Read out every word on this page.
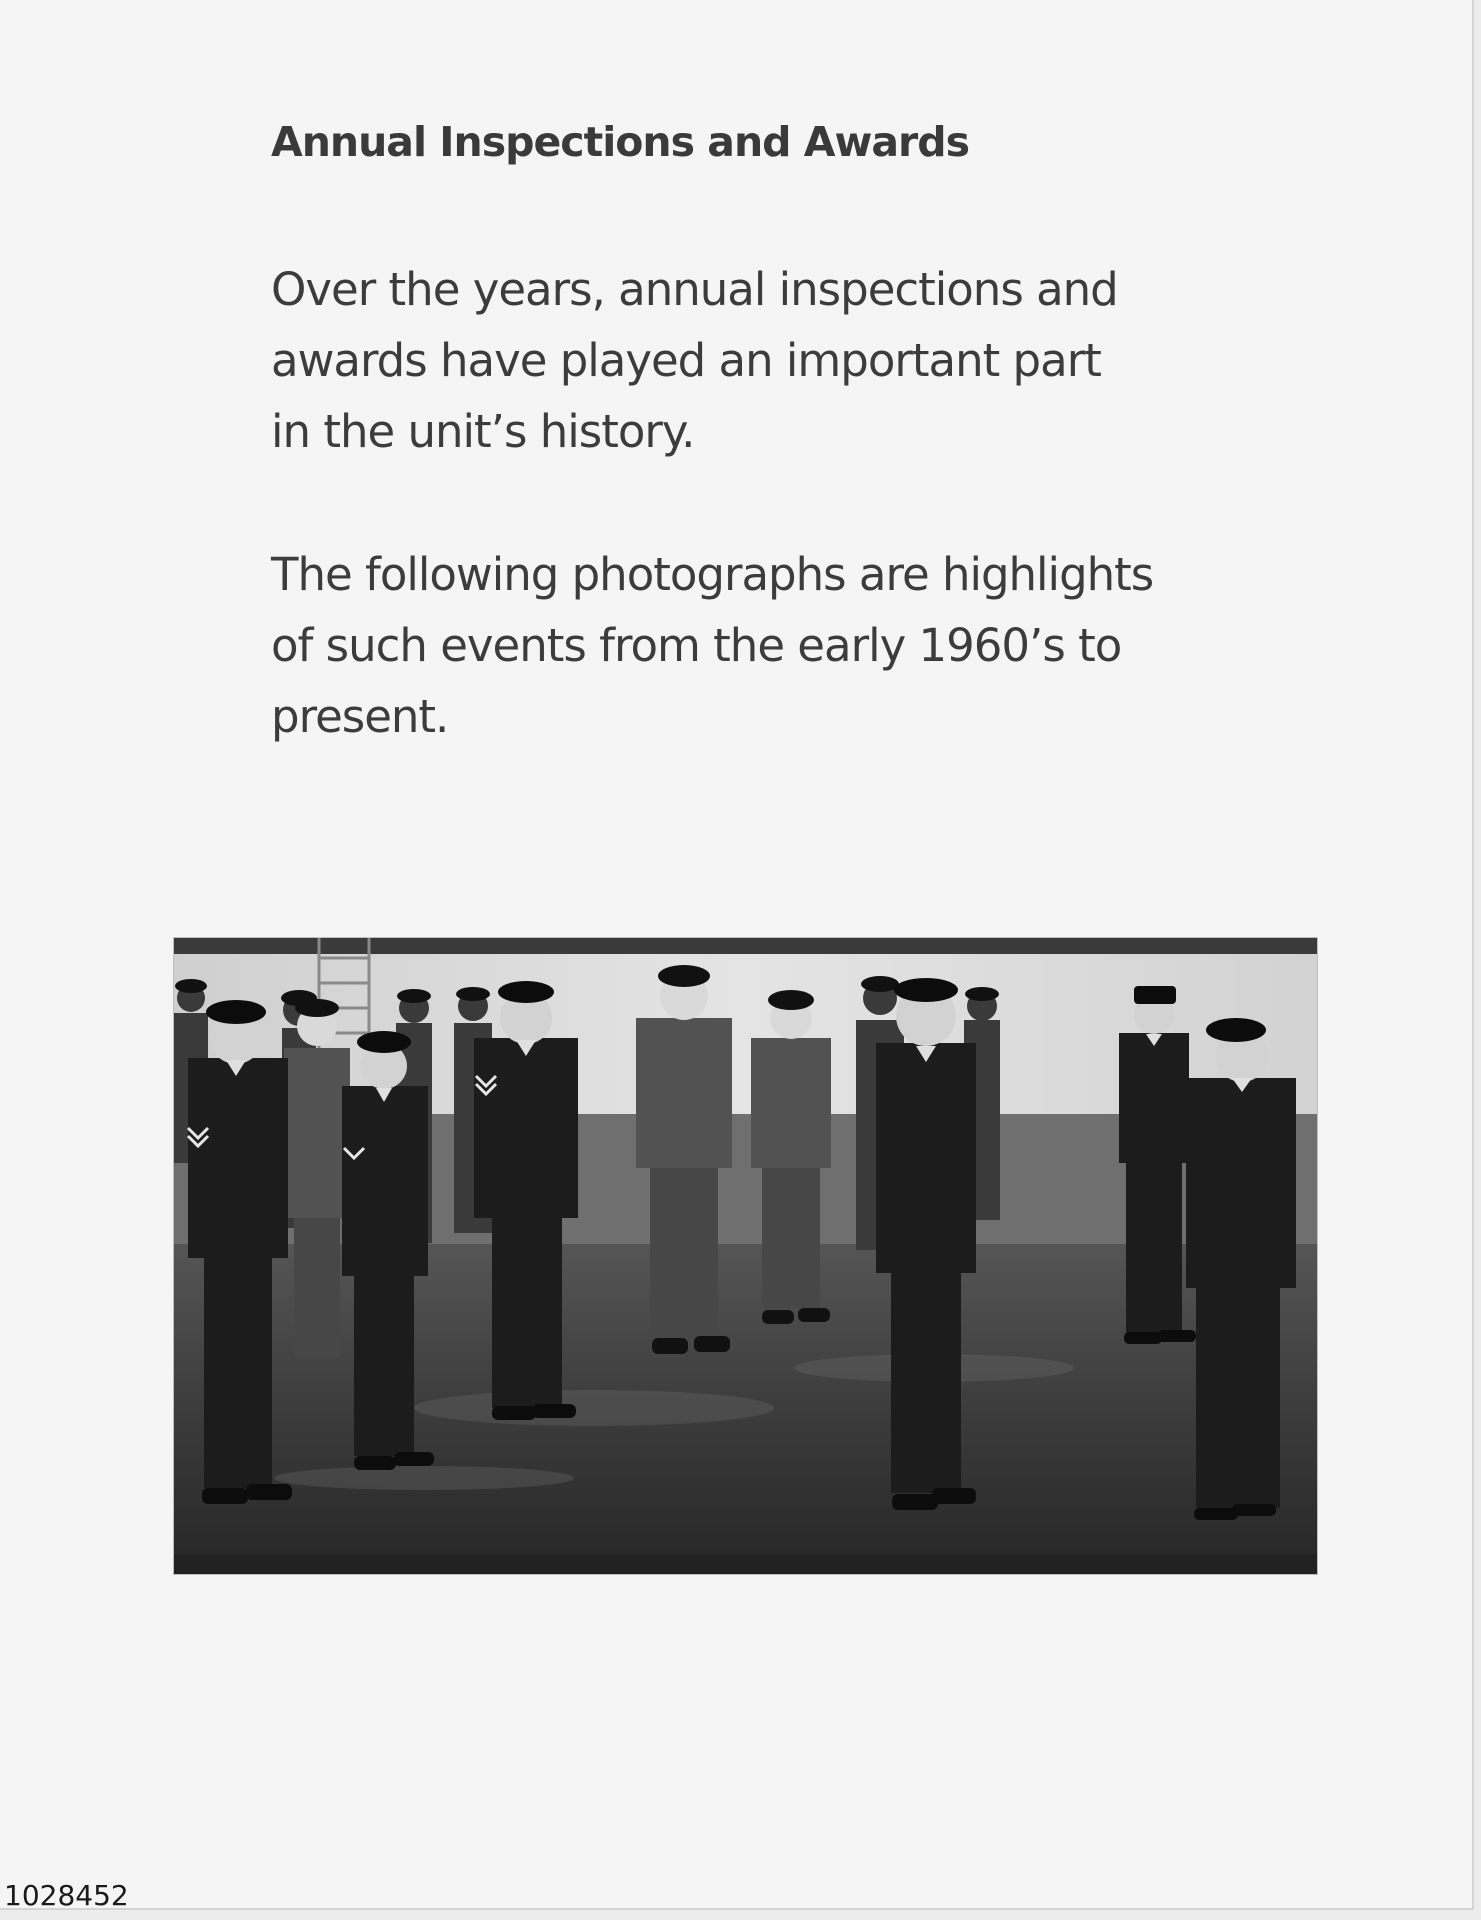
Annual Inspections and Awards

Over the years, annual inspections and
awards have played an important part
in the unit’s history.

The following photographs are highlights
of such events from the early 1960’s to
present.

1028452
